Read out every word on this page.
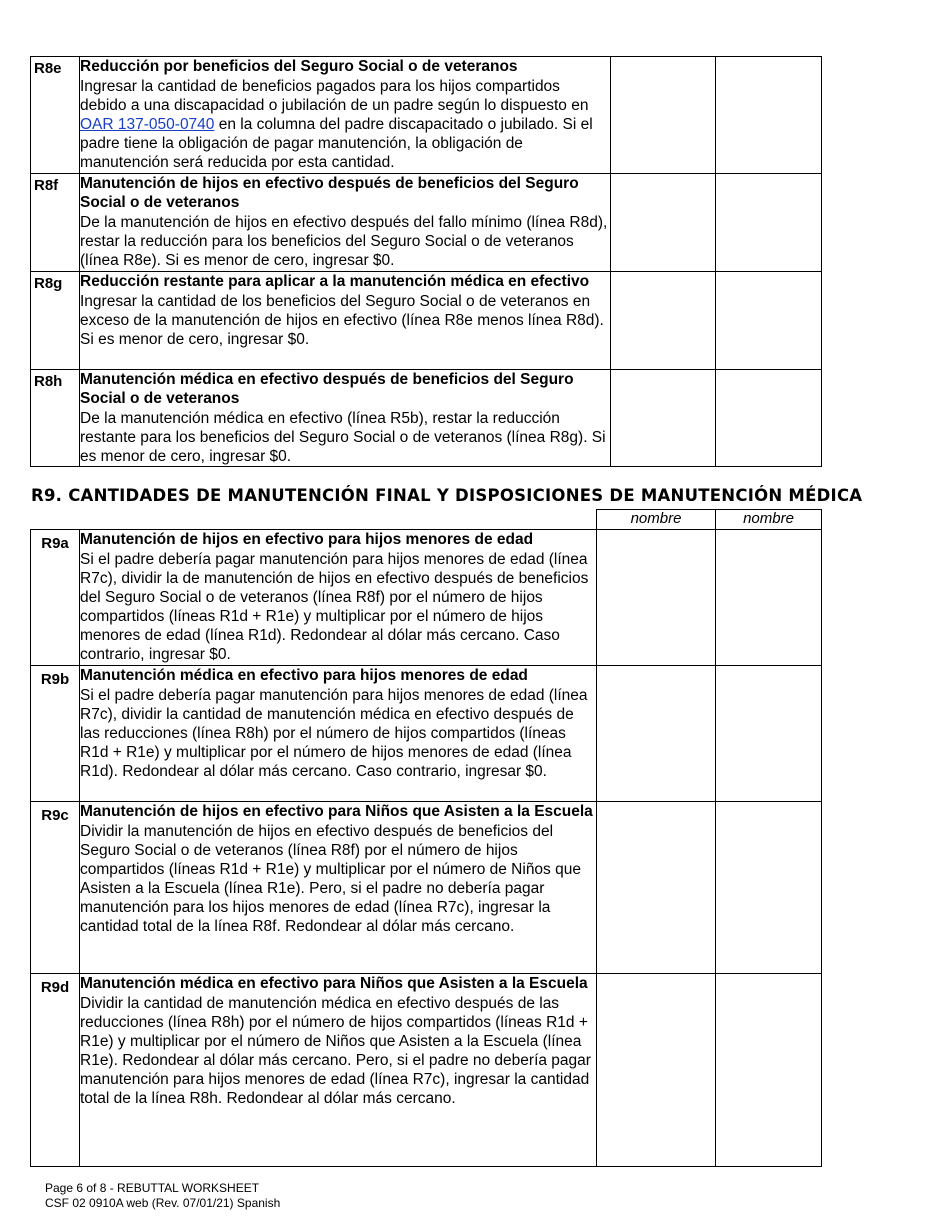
R8e	Reducción por beneficios del Seguro Social o de veteranos
Ingresar la cantidad de beneficios pagados para los hijos compartidos debido a una discapacidad o jubilación de un padre según lo dispuesto en OAR 137-050-0740 en la columna del padre discapacitado o jubilado. Si el padre tiene la obligación de pagar manutención, la obligación de manutención será reducida por esta cantidad.		

R8f	Manutención de hijos en efectivo después de beneficios del Seguro Social o de veteranos
De la manutención de hijos en efectivo después del fallo mínimo (línea R8d), restar la reducción para los beneficios del Seguro Social o de veteranos (línea R8e). Si es menor de cero, ingresar $0.		

R8g	Reducción restante para aplicar a la manutención médica en efectivo
Ingresar la cantidad de los beneficios del Seguro Social o de veteranos en exceso de la manutención de hijos en efectivo (línea R8e menos línea R8d). Si es menor de cero, ingresar $0.		

R8h	Manutención médica en efectivo después de beneficios del Seguro Social o de veteranos
De la manutención médica en efectivo (línea R5b), restar la reducción restante para los beneficios del Seguro Social o de veteranos (línea R8g). Si es menor de cero, ingresar $0.		

R9. CANTIDADES DE MANUTENCIÓN FINAL Y DISPOSICIONES DE MANUTENCIÓN MÉDICA
		nombre	nombre
R9a	Manutención de hijos en efectivo para hijos menores de edad
Si el padre debería pagar manutención para hijos menores de edad (línea R7c), dividir la de manutención de hijos en efectivo después de beneficios del Seguro Social o de veteranos (línea R8f) por el número de hijos compartidos (líneas R1d + R1e) y multiplicar por el número de hijos menores de edad (línea R1d). Redondear al dólar más cercano. Caso contrario, ingresar $0.		

R9b	Manutención médica en efectivo para hijos menores de edad
Si el padre debería pagar manutención para hijos menores de edad (línea R7c), dividir la cantidad de manutención médica en efectivo después de las reducciones (línea R8h) por el número de hijos compartidos (líneas R1d + R1e) y multiplicar por el número de hijos menores de edad (línea R1d). Redondear al dólar más cercano. Caso contrario, ingresar $0.		

R9c	Manutención de hijos en efectivo para Niños que Asisten a la Escuela
Dividir la manutención de hijos en efectivo después de beneficios del Seguro Social o de veteranos (línea R8f) por el número de hijos compartidos (líneas R1d + R1e) y multiplicar por el número de Niños que Asisten a la Escuela (línea R1e). Pero, si el padre no debería pagar manutención para los hijos menores de edad (línea R7c), ingresar la cantidad total de la línea R8f. Redondear al dólar más cercano.		

R9d	Manutención médica en efectivo para Niños que Asisten a la Escuela
Dividir la cantidad de manutención médica en efectivo después de las reducciones (línea R8h) por el número de hijos compartidos (líneas R1d + R1e) y multiplicar por el número de Niños que Asisten a la Escuela (línea R1e). Redondear al dólar más cercano. Pero, si el padre no debería pagar manutención para hijos menores de edad (línea R7c), ingresar la cantidad total de la línea R8h. Redondear al dólar más cercano.		

Page 6 of 8 - REBUTTAL WORKSHEET
CSF 02 0910A web (Rev. 07/01/21) Spanish
